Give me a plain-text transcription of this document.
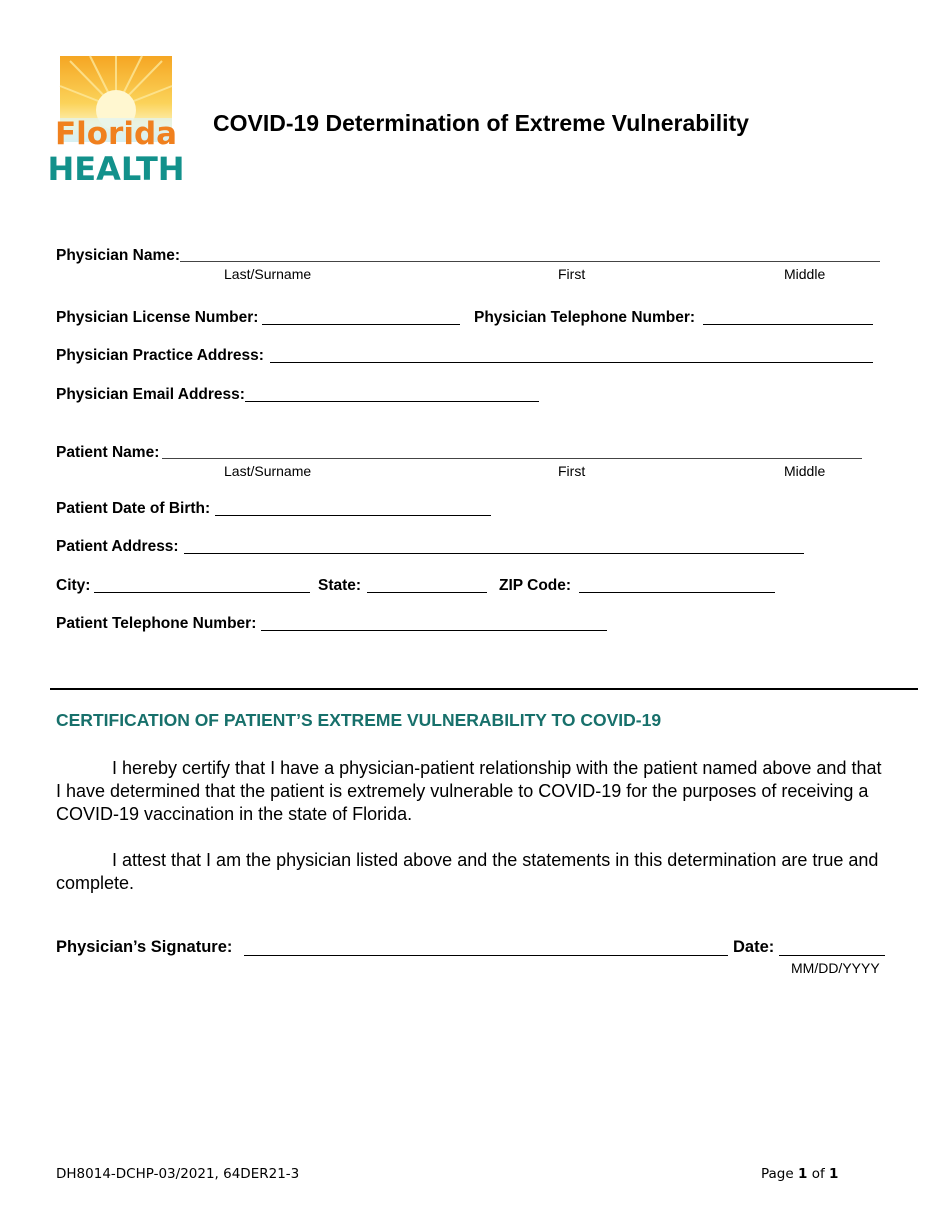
Florida
HEALTH
COVID-19 Determination of Extreme Vulnerability
Physician Name:
Last/Surname	First	Middle
Physician License Number:	Physician Telephone Number:
Physician Practice Address:
Physician Email Address:
Patient Name:
Last/Surname	First	Middle
Patient Date of Birth:
Patient Address:
City:	State:	ZIP Code:
Patient Telephone Number:
CERTIFICATION OF PATIENT’S EXTREME VULNERABILITY TO COVID-19
I hereby certify that I have a physician-patient relationship with the patient named above and that I have determined that the patient is extremely vulnerable to COVID-19 for the purposes of receiving a COVID-19 vaccination in the state of Florida.
I attest that I am the physician listed above and the statements in this determination are true and complete.
Physician’s Signature:	Date:
MM/DD/YYYY
DH8014-DCHP-03/2021, 64DER21-3	Page 1 of 1
